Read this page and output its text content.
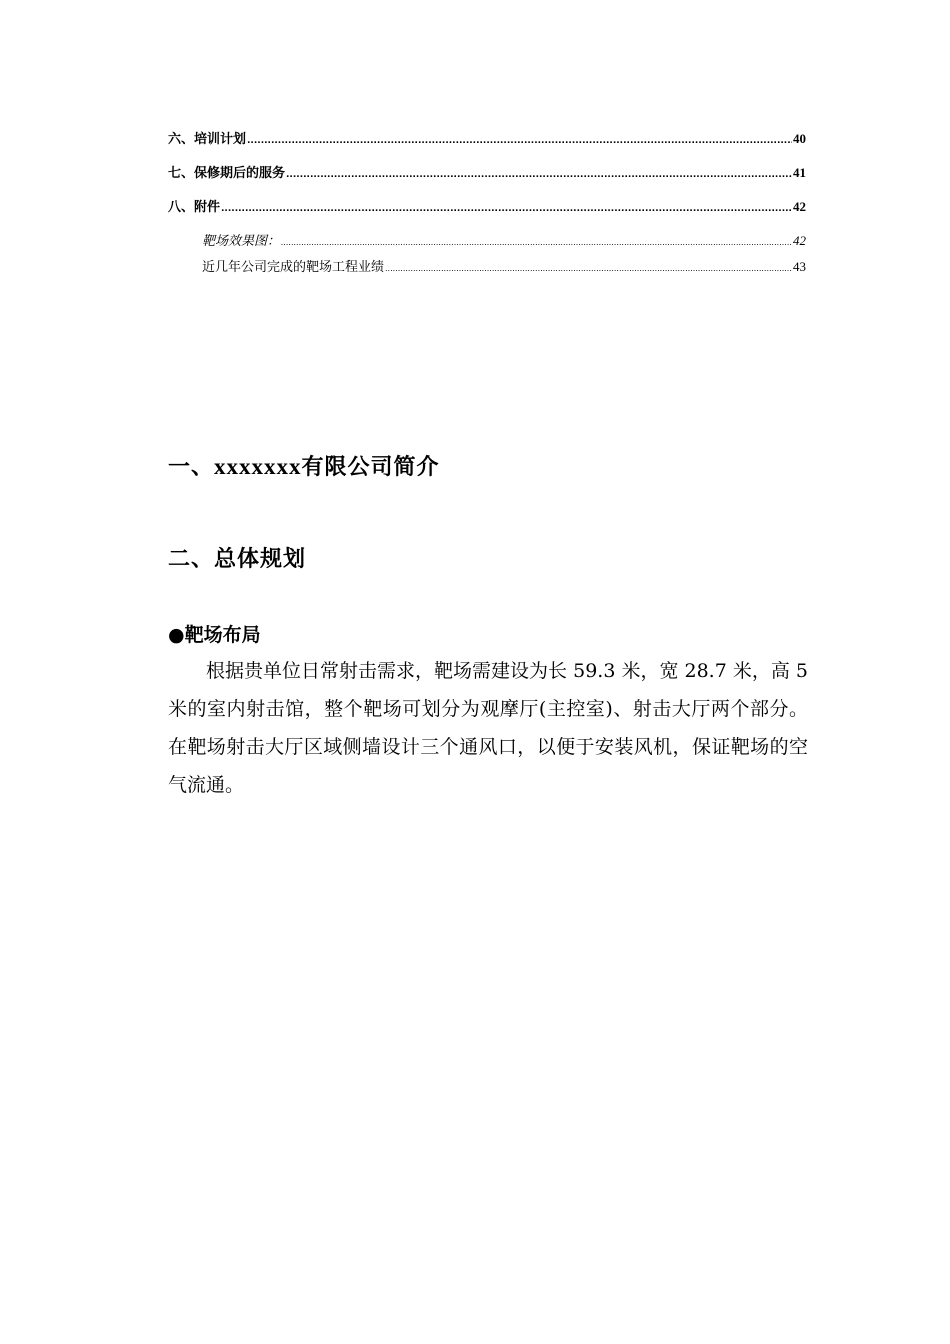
六、培训计划 .....	40
七、保修期后的服务 .....	41
八、附件 .....	42
靶场效果图： .....	42
近几年公司完成的靶场工程业绩 .....	43
一、xxxxxxx有限公司简介
二、总体规划
●靶场布局
根据贵单位日常射击需求，靶场需建设为长 59.3 米，宽 28.7 米，高 5 米的室内射击馆，整个靶场可划分为观摩厅(主控室)、射击大厅两个部分。在靶场射击大厅区域侧墙设计三个通风口，以便于安装风机，保证靶场的空气流通。
